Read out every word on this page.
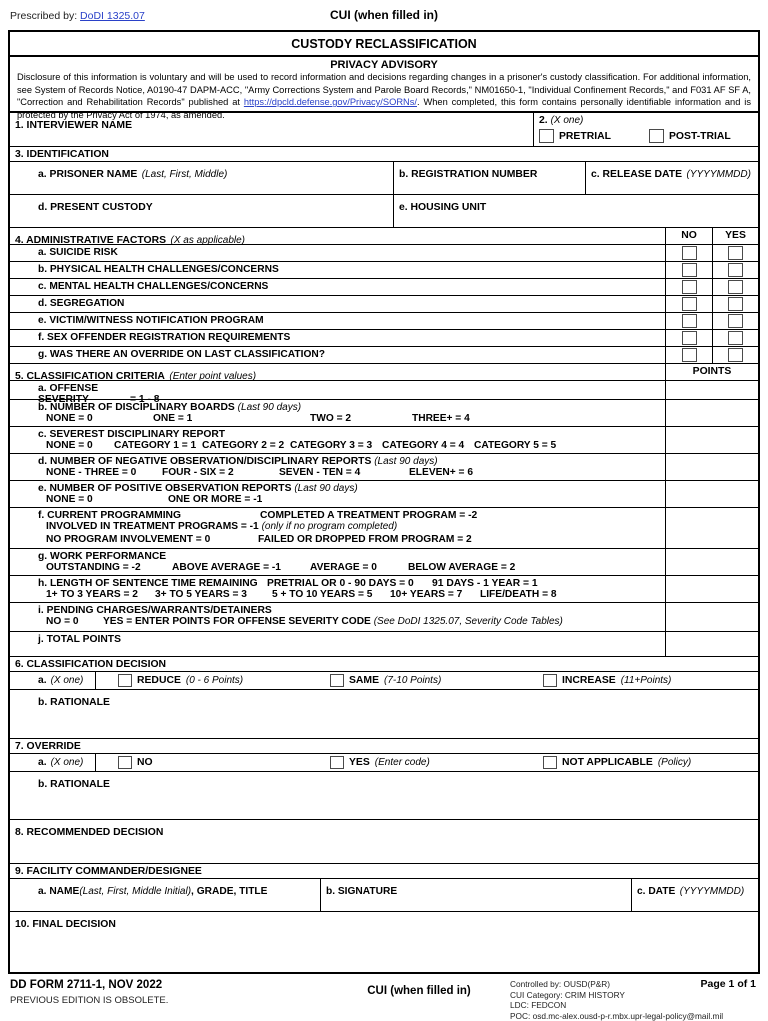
Prescribed by: DoDI 1325.07	CUI (when filled in)
CUSTODY RECLASSIFICATION
PRIVACY ADVISORY
Disclosure of this information is voluntary and will be used to record information and decisions regarding changes in a prisoner's custody classification. For additional information, see System of Records Notice, A0190-47 DAPM-ACC, "Army Corrections System and Parole Board Records," NM01650-1, "Individual Confinement Records," and F031 AF SF A, "Correction and Rehabilitation Records" published at https://dpcld.defense.gov/Privacy/SORNs/. When completed, this form contains personally identifiable information and is protected by the Privacy Act of 1974, as amended.
1. INTERVIEWER NAME	2. (X one)
PRETRIAL	POST-TRIAL
3. IDENTIFICATION
a. PRISONER NAME (Last, First, Middle)	b. REGISTRATION NUMBER	c. RELEASE DATE (YYYYMMDD)
d. PRESENT CUSTODY	e. HOUSING UNIT
4. ADMINISTRATIVE FACTORS (X as applicable)	NO	YES
a. SUICIDE RISK
b. PHYSICAL HEALTH CHALLENGES/CONCERNS
c. MENTAL HEALTH CHALLENGES/CONCERNS
d. SEGREGATION
e. VICTIM/WITNESS NOTIFICATION PROGRAM
f. SEX OFFENDER REGISTRATION REQUIREMENTS
g. WAS THERE AN OVERRIDE ON LAST CLASSIFICATION?
5. CLASSIFICATION CRITERIA (Enter point values)	POINTS
a. OFFENSE SEVERITY	= 1 - 8
b. NUMBER OF DISCIPLINARY BOARDS (Last 90 days)
NONE = 0	ONE = 1	TWO = 2	THREE+ = 4
c. SEVEREST DISCIPLINARY REPORT
NONE = 0 CATEGORY 1 = 1 CATEGORY 2 = 2 CATEGORY 3 = 3 CATEGORY 4 = 4 CATEGORY 5 = 5
d. NUMBER OF NEGATIVE OBSERVATION/DISCIPLINARY REPORTS (Last 90 days)
NONE - THREE = 0	FOUR - SIX = 2	SEVEN - TEN = 4	ELEVEN+ = 6
e. NUMBER OF POSITIVE OBSERVATION REPORTS (Last 90 days)
NONE = 0	ONE OR MORE = -1
f. CURRENT PROGRAMMING	COMPLETED A TREATMENT PROGRAM = -2
INVOLVED IN TREATMENT PROGRAMS = -1 (only if no program completed)
NO PROGRAM INVOLVEMENT = 0	FAILED OR DROPPED FROM PROGRAM = 2
g. WORK PERFORMANCE
OUTSTANDING = -2	ABOVE AVERAGE = -1	AVERAGE = 0	BELOW AVERAGE = 2
h. LENGTH OF SENTENCE TIME REMAINING PRETRIAL OR 0 - 90 DAYS = 0 91 DAYS - 1 YEAR = 1
1+ TO 3 YEARS = 2 3+ TO 5 YEARS = 3 5 + TO 10 YEARS = 5 10+ YEARS = 7 LIFE/DEATH = 8
i. PENDING CHARGES/WARRANTS/DETAINERS
NO = 0 YES = ENTER POINTS FOR OFFENSE SEVERITY CODE (See DoDI 1325.07, Severity Code Tables)
j. TOTAL POINTS
6. CLASSIFICATION DECISION
a. (X one)	REDUCE (0 - 6 Points)	SAME (7-10 Points)	INCREASE (11+Points)
b. RATIONALE
7. OVERRIDE
a. (X one)	NO	YES (Enter code)	NOT APPLICABLE (Policy)
b. RATIONALE
8. RECOMMENDED DECISION
9. FACILITY COMMANDER/DESIGNEE
a. NAME(Last, First, Middle Initial), GRADE, TITLE	b. SIGNATURE	c. DATE (YYYYMMDD)
10. FINAL DECISION
DD FORM 2711-1, NOV 2022
PREVIOUS EDITION IS OBSOLETE.
CUI (when filled in)
Controlled by: OUSD(P&R)	Page 1 of 1
CUI Category: CRIM HISTORY
LDC: FEDCON
POC: osd.mc-alex.ousd-p-r.mbx.upr-legal-policy@mail.mil
